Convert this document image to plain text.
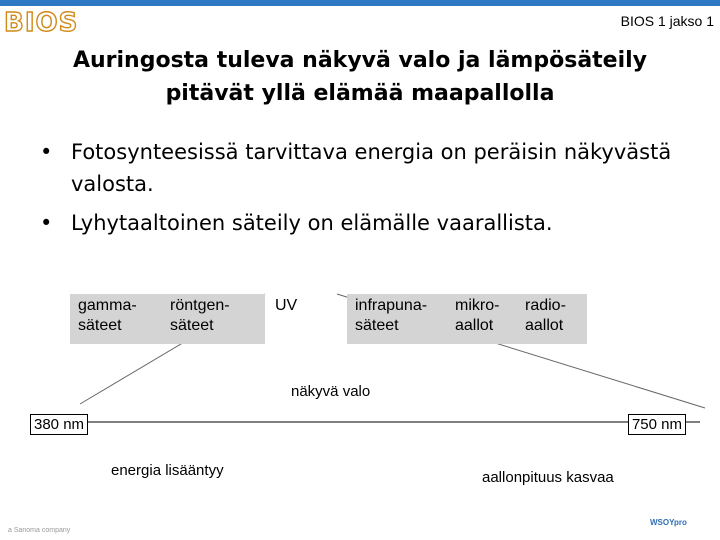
BIOS	BIOS 1 jakso 1
Auringosta tuleva näkyvä valo ja lämpösäteily
pitävät yllä elämää maapallolla
• Fotosynteesissä tarvittava energia on peräisin näkyvästä valosta.
• Lyhytaaltoinen säteily on elämälle vaarallista.
gamma-
säteet
röntgen-
säteet
UV	infrapuna-
säteet
mikro-
aallot
radio-
aallot
näkyvä valo
380 nm	750 nm
energia lisääntyy	aallonpituus kasvaa
a Sanoma company
WSOYpro
